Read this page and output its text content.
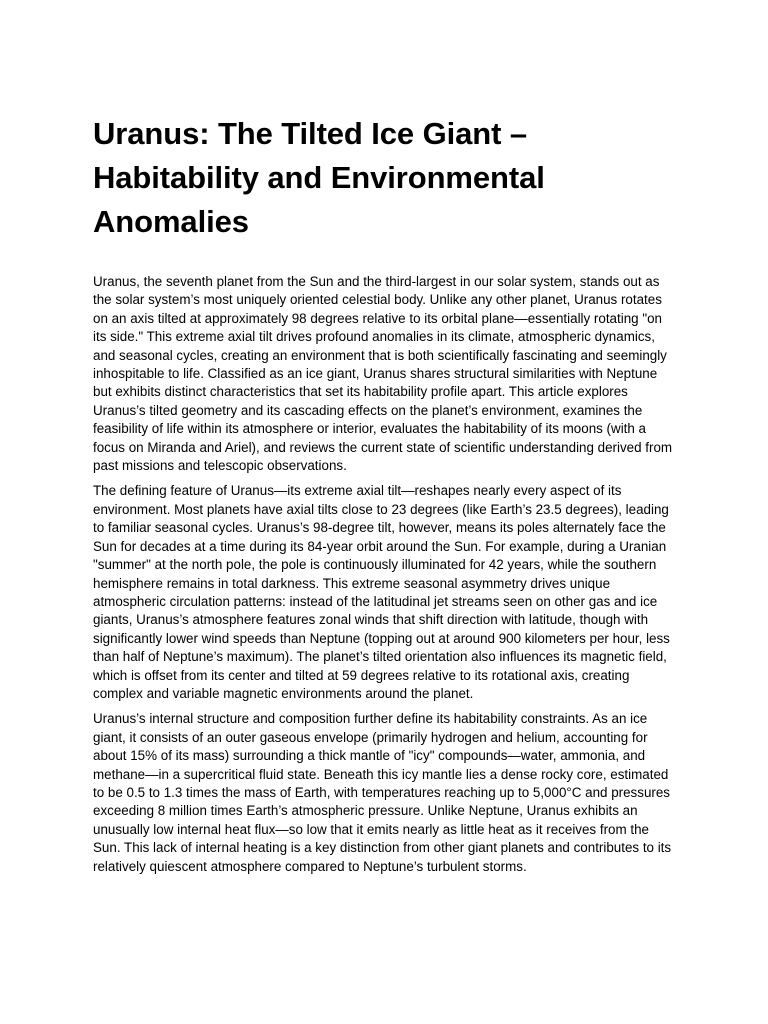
Uranus: The Tilted Ice Giant – Habitability and Environmental Anomalies

Uranus, the seventh planet from the Sun and the third-largest in our solar system, stands out as the solar system’s most uniquely oriented celestial body. Unlike any other planet, Uranus rotates on an axis tilted at approximately 98 degrees relative to its orbital plane—essentially rotating "on its side." This extreme axial tilt drives profound anomalies in its climate, atmospheric dynamics, and seasonal cycles, creating an environment that is both scientifically fascinating and seemingly inhospitable to life. Classified as an ice giant, Uranus shares structural similarities with Neptune but exhibits distinct characteristics that set its habitability profile apart. This article explores Uranus’s tilted geometry and its cascading effects on the planet’s environment, examines the feasibility of life within its atmosphere or interior, evaluates the habitability of its moons (with a focus on Miranda and Ariel), and reviews the current state of scientific understanding derived from past missions and telescopic observations.

The defining feature of Uranus—its extreme axial tilt—reshapes nearly every aspect of its environment. Most planets have axial tilts close to 23 degrees (like Earth’s 23.5 degrees), leading to familiar seasonal cycles. Uranus’s 98-degree tilt, however, means its poles alternately face the Sun for decades at a time during its 84-year orbit around the Sun. For example, during a Uranian "summer" at the north pole, the pole is continuously illuminated for 42 years, while the southern hemisphere remains in total darkness. This extreme seasonal asymmetry drives unique atmospheric circulation patterns: instead of the latitudinal jet streams seen on other gas and ice giants, Uranus’s atmosphere features zonal winds that shift direction with latitude, though with significantly lower wind speeds than Neptune (topping out at around 900 kilometers per hour, less than half of Neptune’s maximum). The planet’s tilted orientation also influences its magnetic field, which is offset from its center and tilted at 59 degrees relative to its rotational axis, creating complex and variable magnetic environments around the planet.

Uranus’s internal structure and composition further define its habitability constraints. As an ice giant, it consists of an outer gaseous envelope (primarily hydrogen and helium, accounting for about 15% of its mass) surrounding a thick mantle of "icy" compounds—water, ammonia, and methane—in a supercritical fluid state. Beneath this icy mantle lies a dense rocky core, estimated to be 0.5 to 1.3 times the mass of Earth, with temperatures reaching up to 5,000°C and pressures exceeding 8 million times Earth’s atmospheric pressure. Unlike Neptune, Uranus exhibits an unusually low internal heat flux—so low that it emits nearly as little heat as it receives from the Sun. This lack of internal heating is a key distinction from other giant planets and contributes to its relatively quiescent atmosphere compared to Neptune’s turbulent storms.
